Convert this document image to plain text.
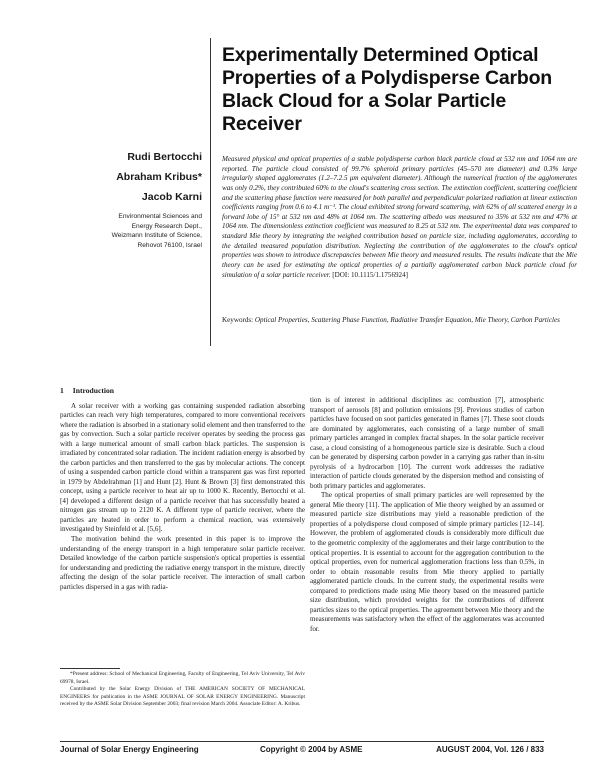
Experimentally Determined Optical Properties of a Polydisperse Carbon Black Cloud for a Solar Particle Receiver
Rudi Bertocchi
Abraham Kribus*
Jacob Karni
Environmental Sciences and
Energy Research Dept.,
Weizmann Institute of Science,
Rehovot 76100, Israel

Measured physical and optical properties of a stable polydisperse carbon black particle cloud at 532 nm and 1064 nm are reported. The particle cloud consisted of 99.7% spheroid primary particles (45–570 nm diameter) and 0.3% large irregularly shaped agglomerates (1.2–7.2.5 μm equivalent diameter). Although the numerical fraction of the agglomerates was only 0.2%, they contributed 60% to the cloud's scattering cross section. The extinction coefficient, scattering coefficient and the scattering phase function were measured for both parallel and perpendicular polarized radiation at linear extinction coefficients ranging from 0.6 to 4.1 m⁻¹. The cloud exhibited strong forward scattering, with 62% of all scattered energy in a forward lobe of 15° at 532 nm and 48% at 1064 nm. The scattering albedo was measured to 35% at 532 nm and 47% at 1064 nm. The dimensionless extinction coefficient was measured to 8.25 at 532 nm. The experimental data was compared to standard Mie theory by integrating the weighed contribution based on particle size, including agglomerates, according to the detailed measured population distribution. Neglecting the contribution of the agglomerates to the cloud's optical properties was shown to introduce discrepancies between Mie theory and measured results. The results indicate that the Mie theory can be used for estimating the optical properties of a partially agglomerated carbon black particle cloud for simulation of a solar particle receiver. [DOI: 10.1115/1.1756924]

Keywords: Optical Properties, Scattering Phase Function, Radiative Transfer Equation, Mie Theory, Carbon Particles

1 Introduction

A solar receiver with a working gas containing suspended radiation absorbing particles can reach very high temperatures, compared to more conventional receivers where the radiation is absorbed in a stationary solid element and then transferred to the gas by convection. Such a solar particle receiver operates by seeding the process gas with a large numerical amount of small carbon black particles. The suspension is irradiated by concentrated solar radiation. The incident radiation energy is absorbed by the carbon particles and then transferred to the gas by molecular actions. The concept of using a suspended carbon particle cloud within a transparent gas was first reported in 1979 by Abdelrahman [1] and Hunt [2]. Hunt & Brown [3] first demonstrated this concept, using a particle receiver to heat air up to 1000 K. Recently, Bertocchi et al. [4] developed a different design of a particle receiver that has successfully heated a nitrogen gas stream up to 2120 K. A different type of particle receiver, where the particles are heated in order to perform a chemical reaction, was extensively investigated by Steinfeld et al. [5,6].

The motivation behind the work presented in this paper is to improve the understanding of the energy transport in a high temperature solar particle receiver. Detailed knowledge of the carbon particle suspension's optical properties is essential for understanding and predicting the radiative energy transport in the mixture, directly affecting the design of the solar particle receiver. The interaction of small carbon particles dispersed in a gas with radia-

tion is of interest in additional disciplines as: combustion [7], atmospheric transport of aerosols [8] and pollution emissions [9]. Previous studies of carbon particles have focused on soot particles generated in flames [7]. These soot clouds are dominated by agglomerates, each consisting of a large number of small primary particles arranged in complex fractal shapes. In the solar particle receiver case, a cloud consisting of a homogeneous particle size is desirable. Such a cloud can be generated by dispersing carbon powder in a carrying gas rather than in-situ pyrolysis of a hydrocarbon [10]. The current work addresses the radiative interaction of particle clouds generated by the dispersion method and consisting of both primary particles and agglomerates.

The optical properties of small primary particles are well represented by the general Mie theory [11]. The application of Mie theory weighed by an assumed or measured particle size distributions may yield a reasonable prediction of the properties of a polydisperse cloud composed of simple primary particles [12–14]. However, the problem of agglomerated clouds is considerably more difficult due to the geometric complexity of the agglomerates and their large contribution to the optical properties. It is essential to account for the aggregation contribution to the optical properties, even for numerical agglomeration fractions less than 0.5%, in order to obtain reasonable results from Mie theory applied to partially agglomerated particle clouds. In the current study, the experimental results were compared to predictions made using Mie theory based on the measured particle size distribution, which provided weights for the contributions of different particles sizes to the optical properties. The agreement between Mie theory and the measurements was satisfactory when the effect of the agglomerates was accounted for.

*Present address: School of Mechanical Engineering, Faculty of Engineering, Tel Aviv University, Tel Aviv 69978, Israel.

Contributed by the Solar Energy Division of THE AMERICAN SOCIETY OF MECHANICAL ENGINEERS for publication in the ASME JOURNAL OF SOLAR ENERGY ENGINEERING. Manuscript received by the ASME Solar Division September 2003; final revision March 2004. Associate Editor: A. Kribus.

Journal of Solar Energy Engineering	Copyright © 2004 by ASME	AUGUST 2004, Vol. 126 / 833
